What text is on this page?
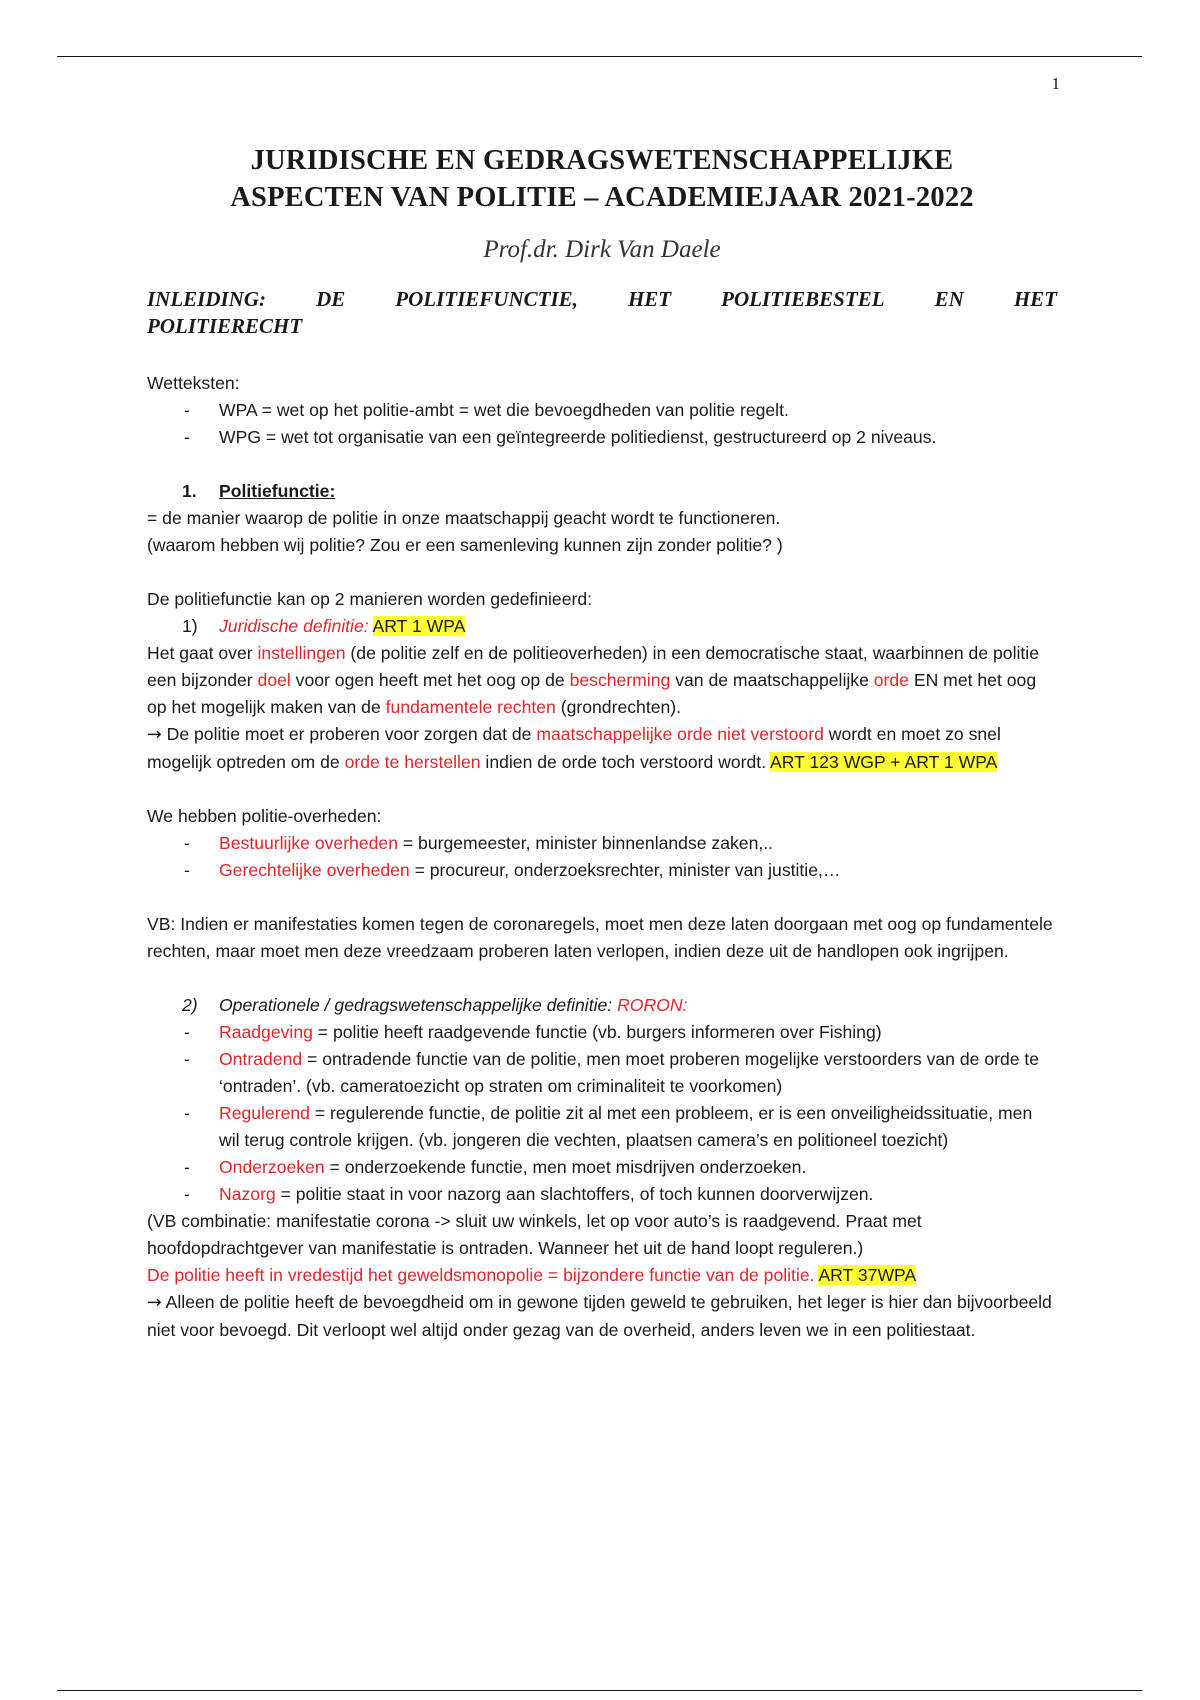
1
JURIDISCHE EN GEDRAGSWETENSCHAPPELIJKE
ASPECTEN VAN POLITIE – ACADEMIEJAAR 2021-2022
Prof.dr. Dirk Van Daele
INLEIDING: DE POLITIEFUNCTIE, HET POLITIEBESTEL EN HET
POLITIERECHT

Wetteksten:

- WPA = wet op het politie-ambt = wet die bevoegdheden van politie regelt.
- WPG = wet tot organisatie van een geïntegreerde politiedienst, gestructureerd op 2 niveaus.
1. Politiefunctie:

= de manier waarop de politie in onze maatschappij geacht wordt te functioneren.

(waarom hebben wij politie? Zou er een samenleving kunnen zijn zonder politie? )

De politiefunctie kan op 2 manieren worden gedefinieerd:

1) Juridische definitie: ART 1 WPA

Het gaat over instellingen (de politie zelf en de politieoverheden) in een democratische staat, waarbinnen de politie een bijzonder doel voor ogen heeft met het oog op de bescherming van de maatschappelijke orde EN met het oog op het mogelijk maken van de fundamentele rechten (grondrechten).

→ De politie moet er proberen voor zorgen dat de maatschappelijke orde niet verstoord wordt en moet zo snel mogelijk optreden om de orde te herstellen indien de orde toch verstoord wordt. ART 123 WGP + ART 1 WPA

We hebben politie-overheden:

- Bestuurlijke overheden = burgemeester, minister binnenlandse zaken,..
- Gerechtelijke overheden = procureur, onderzoeksrechter, minister van justitie,…

VB: Indien er manifestaties komen tegen de coronaregels, moet men deze laten doorgaan met oog op fundamentele rechten, maar moet men deze vreedzaam proberen laten verlopen, indien deze uit de handlopen ook ingrijpen.

2) Operationele / gedragswetenschappelijke definitie: RORON:
- Raadgeving = politie heeft raadgevende functie (vb. burgers informeren over Fishing)
- Ontradend = ontradende functie van de politie, men moet proberen mogelijke verstoorders van de orde te ‘ontraden’. (vb. cameratoezicht op straten om criminaliteit te voorkomen)
- Regulerend = regulerende functie, de politie zit al met een probleem, er is een onveiligheidssituatie, men wil terug controle krijgen. (vb. jongeren die vechten, plaatsen camera’s en politioneel toezicht)
- Onderzoeken = onderzoekende functie, men moet misdrijven onderzoeken.
- Nazorg = politie staat in voor nazorg aan slachtoffers, of toch kunnen doorverwijzen.

(VB combinatie: manifestatie corona -> sluit uw winkels, let op voor auto’s is raadgevend. Praat met hoofdopdrachtgever van manifestatie is ontraden. Wanneer het uit de hand loopt reguleren.)

De politie heeft in vredestijd het geweldsmonopolie = bijzondere functie van de politie. ART 37WPA

→ Alleen de politie heeft de bevoegdheid om in gewone tijden geweld te gebruiken, het leger is hier dan bijvoorbeeld niet voor bevoegd. Dit verloopt wel altijd onder gezag van de overheid, anders leven we in een politiestaat.
